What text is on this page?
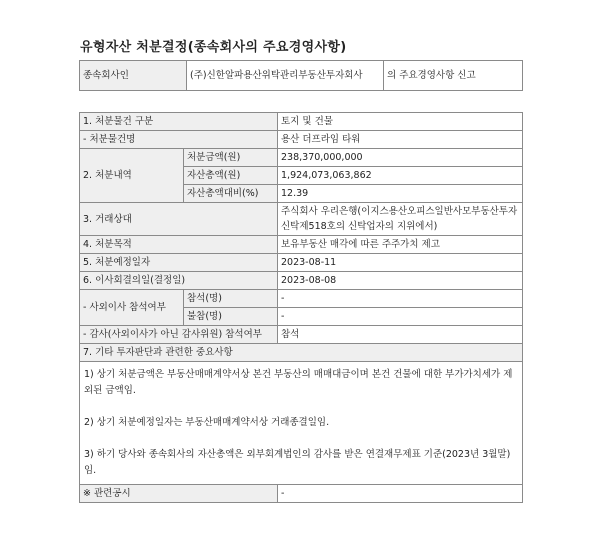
유형자산 처분결정(종속회사의 주요경영사항)
종속회사인	(주)신한알파용산위탁관리부동산투자회사	의 주요경영사항 신고
1. 처분물건 구분		토지 및 건물
- 처분물건명		용산 더프라임 타워
2. 처분내역	처분금액(원)	238,370,000,000
	자산총액(원)	1,924,073,063,862
	자산총액대비(%)	12.39
3. 거래상대		주식회사 우리은행(이지스용산오피스일반사모부동산투자신탁제518호의 신탁업자의 지위에서)
4. 처분목적		보유부동산 매각에 따른 주주가치 제고
5. 처분예정일자		2023-08-11
6. 이사회결의일(결정일)		2023-08-08
- 사외이사 참석여부	참석(명)	-
	불참(명)	-
- 감사(사외이사가 아닌 감사위원) 참석여부		참석
7. 기타 투자판단과 관련한 중요사항		

1) 상기 처분금액은 부동산매매계약서상 본건 부동산의 매매대금이며 본건 건물에 대한 부가가치세가 제외된 금액임.
2) 상기 처분예정일자는 부동산매매계약서상 거래종결일임.
3) 하기 당사와 종속회사의 자산총액은 외부회계법인의 감사를 받은 연결재무제표 기준(2023년 3월말)임.		

※ 관련공시		-
